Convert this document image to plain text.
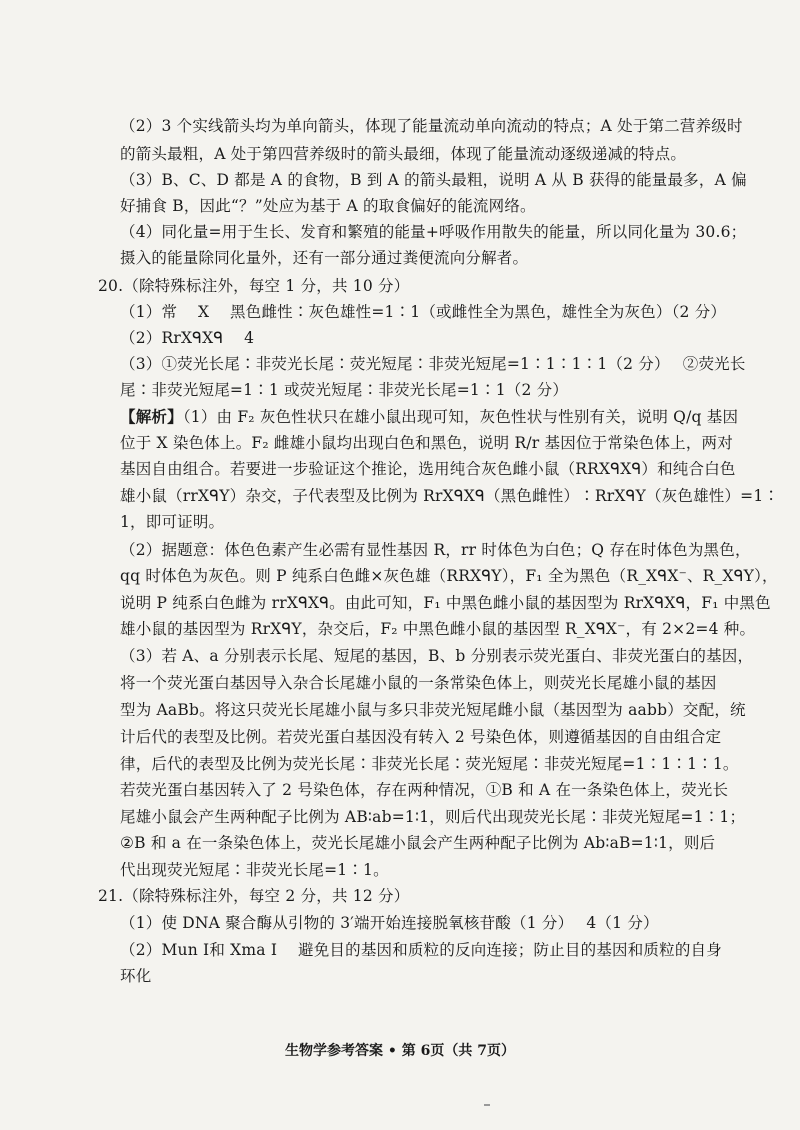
（2）3 个实线箭头均为单向箭头，体现了能量流动单向流动的特点；A 处于第二营养级时
的箭头最粗，A 处于第四营养级时的箭头最细，体现了能量流动逐级递减的特点。
（3）B、C、D 都是 A 的食物，B 到 A 的箭头最粗，说明 A 从 B 获得的能量最多，A 偏
好捕食 B，因此“？”处应为基于 A 的取食偏好的能流网络。
（4）同化量=用于生长、发育和繁殖的能量+呼吸作用散失的能量，所以同化量为 30.6；
摄入的能量除同化量外，还有一部分通过粪便流向分解者。
20.（除特殊标注外，每空 1 分，共 10 分）
（1）常　 X　 黑色雌性∶灰色雄性=1∶1（或雌性全为黑色，雄性全为灰色）（2 分）
（2）RrXᑫXᑫ　 4
（3）①荧光长尾∶非荧光长尾∶荧光短尾∶非荧光短尾=1∶1∶1∶1（2 分）　 ②荧光长
尾∶非荧光短尾=1∶1 或荧光短尾∶非荧光长尾=1∶1（2 分）
【解析】（1）由 F₂ 灰色性状只在雄小鼠出现可知，灰色性状与性别有关，说明 Q/q 基因
位于 X 染色体上。F₂ 雌雄小鼠均出现白色和黑色，说明 R/r 基因位于常染色体上，两对
基因自由组合。若要进一步验证这个推论，选用纯合灰色雌小鼠（RRXᑫXᑫ）和纯合白色
雄小鼠（rrXᑫY）杂交，子代表型及比例为 RrXᑫXᑫ（黑色雌性）∶RrXᑫY（灰色雄性）=1∶
1，即可证明。
（2）据题意：体色色素产生必需有显性基因 R，rr 时体色为白色；Q 存在时体色为黑色，
qq 时体色为灰色。则 P 纯系白色雌×灰色雄（RRXᑫY），F₁ 全为黑色（R_XᑫX⁻、R_XᑫY），
说明 P 纯系白色雌为 rrXᑫXᑫ。由此可知，F₁ 中黑色雌小鼠的基因型为 RrXᑫXᑫ，F₁ 中黑色
雄小鼠的基因型为 RrXᑫY，杂交后，F₂ 中黑色雌小鼠的基因型 R_XᑫX⁻，有 2×2=4 种。
（3）若 A、a 分别表示长尾、短尾的基因，B、b 分别表示荧光蛋白、非荧光蛋白的基因，
将一个荧光蛋白基因导入杂合长尾雄小鼠的一条常染色体上，则荧光长尾雄小鼠的基因
型为 AaBb。将这只荧光长尾雄小鼠与多只非荧光短尾雌小鼠（基因型为 aabb）交配，统
计后代的表型及比例。若荧光蛋白基因没有转入 2 号染色体，则遵循基因的自由组合定
律，后代的表型及比例为荧光长尾∶非荧光长尾∶荧光短尾∶非荧光短尾=1∶1∶1∶1。
若荧光蛋白基因转入了 2 号染色体，存在两种情况，①B 和 A 在一条染色体上，荧光长
尾雄小鼠会产生两种配子比例为 AB∶ab=1∶1，则后代出现荧光长尾∶非荧光短尾=1∶1；
②B 和 a 在一条染色体上，荧光长尾雄小鼠会产生两种配子比例为 Ab∶aB=1∶1，则后
代出现荧光短尾∶非荧光长尾=1∶1。
21.（除特殊标注外，每空 2 分，共 12 分）
（1）使 DNA 聚合酶从引物的 3′端开始连接脱氧核苷酸（1 分）　 4（1 分）
（2）Mun Ⅰ和 Xma Ⅰ　 避免目的基因和质粒的反向连接；防止目的基因和质粒的自身
环化
生物学参考答案 • 第 6页（共 7页）
